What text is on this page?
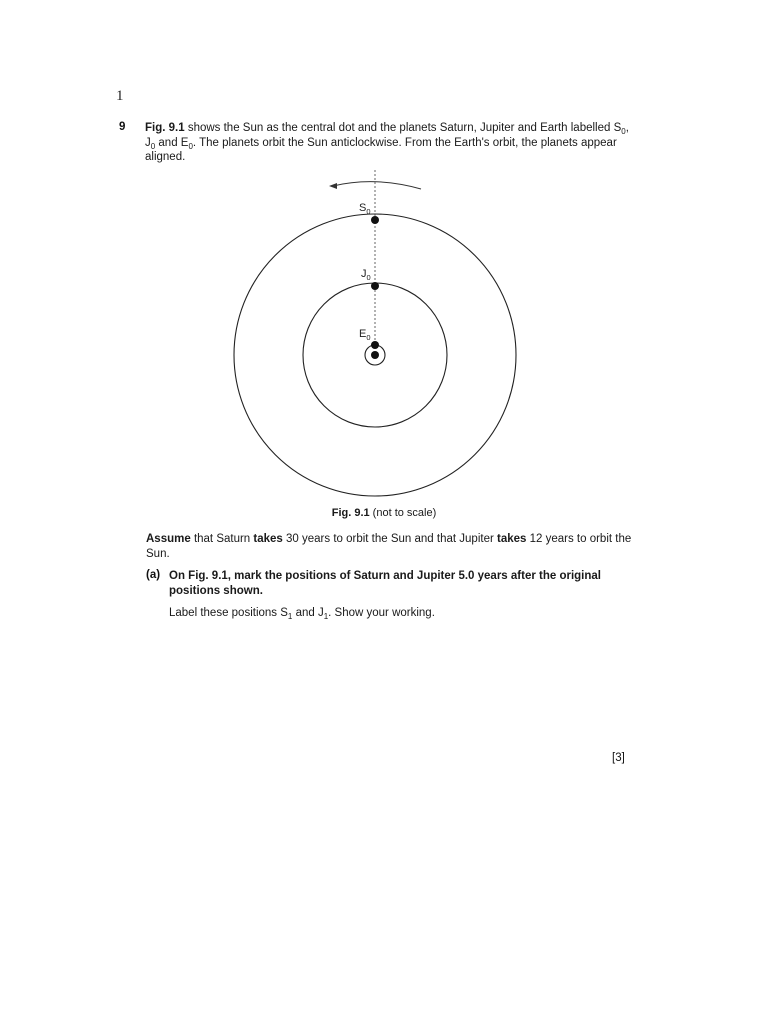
1
9 Fig. 9.1 shows the Sun as the central dot and the planets Saturn, Jupiter and Earth labelled $S_0$,
$J_0$ and $E_0$. The planets orbit the Sun anticlockwise. From the Earth's orbit, the planets appear aligned.
$S_0$
$J_0$
$E_0$
Fig. 9.1 (not to scale)
Assume that Saturn takes 30 years to orbit the Sun and that Jupiter takes 12 years to orbit the Sun.
(a) On Fig. 9.1, mark the positions of Saturn and Jupiter 5.0 years after the original positions shown.
Label these positions $S_1$ and $J_1$. Show your working.
[3]
